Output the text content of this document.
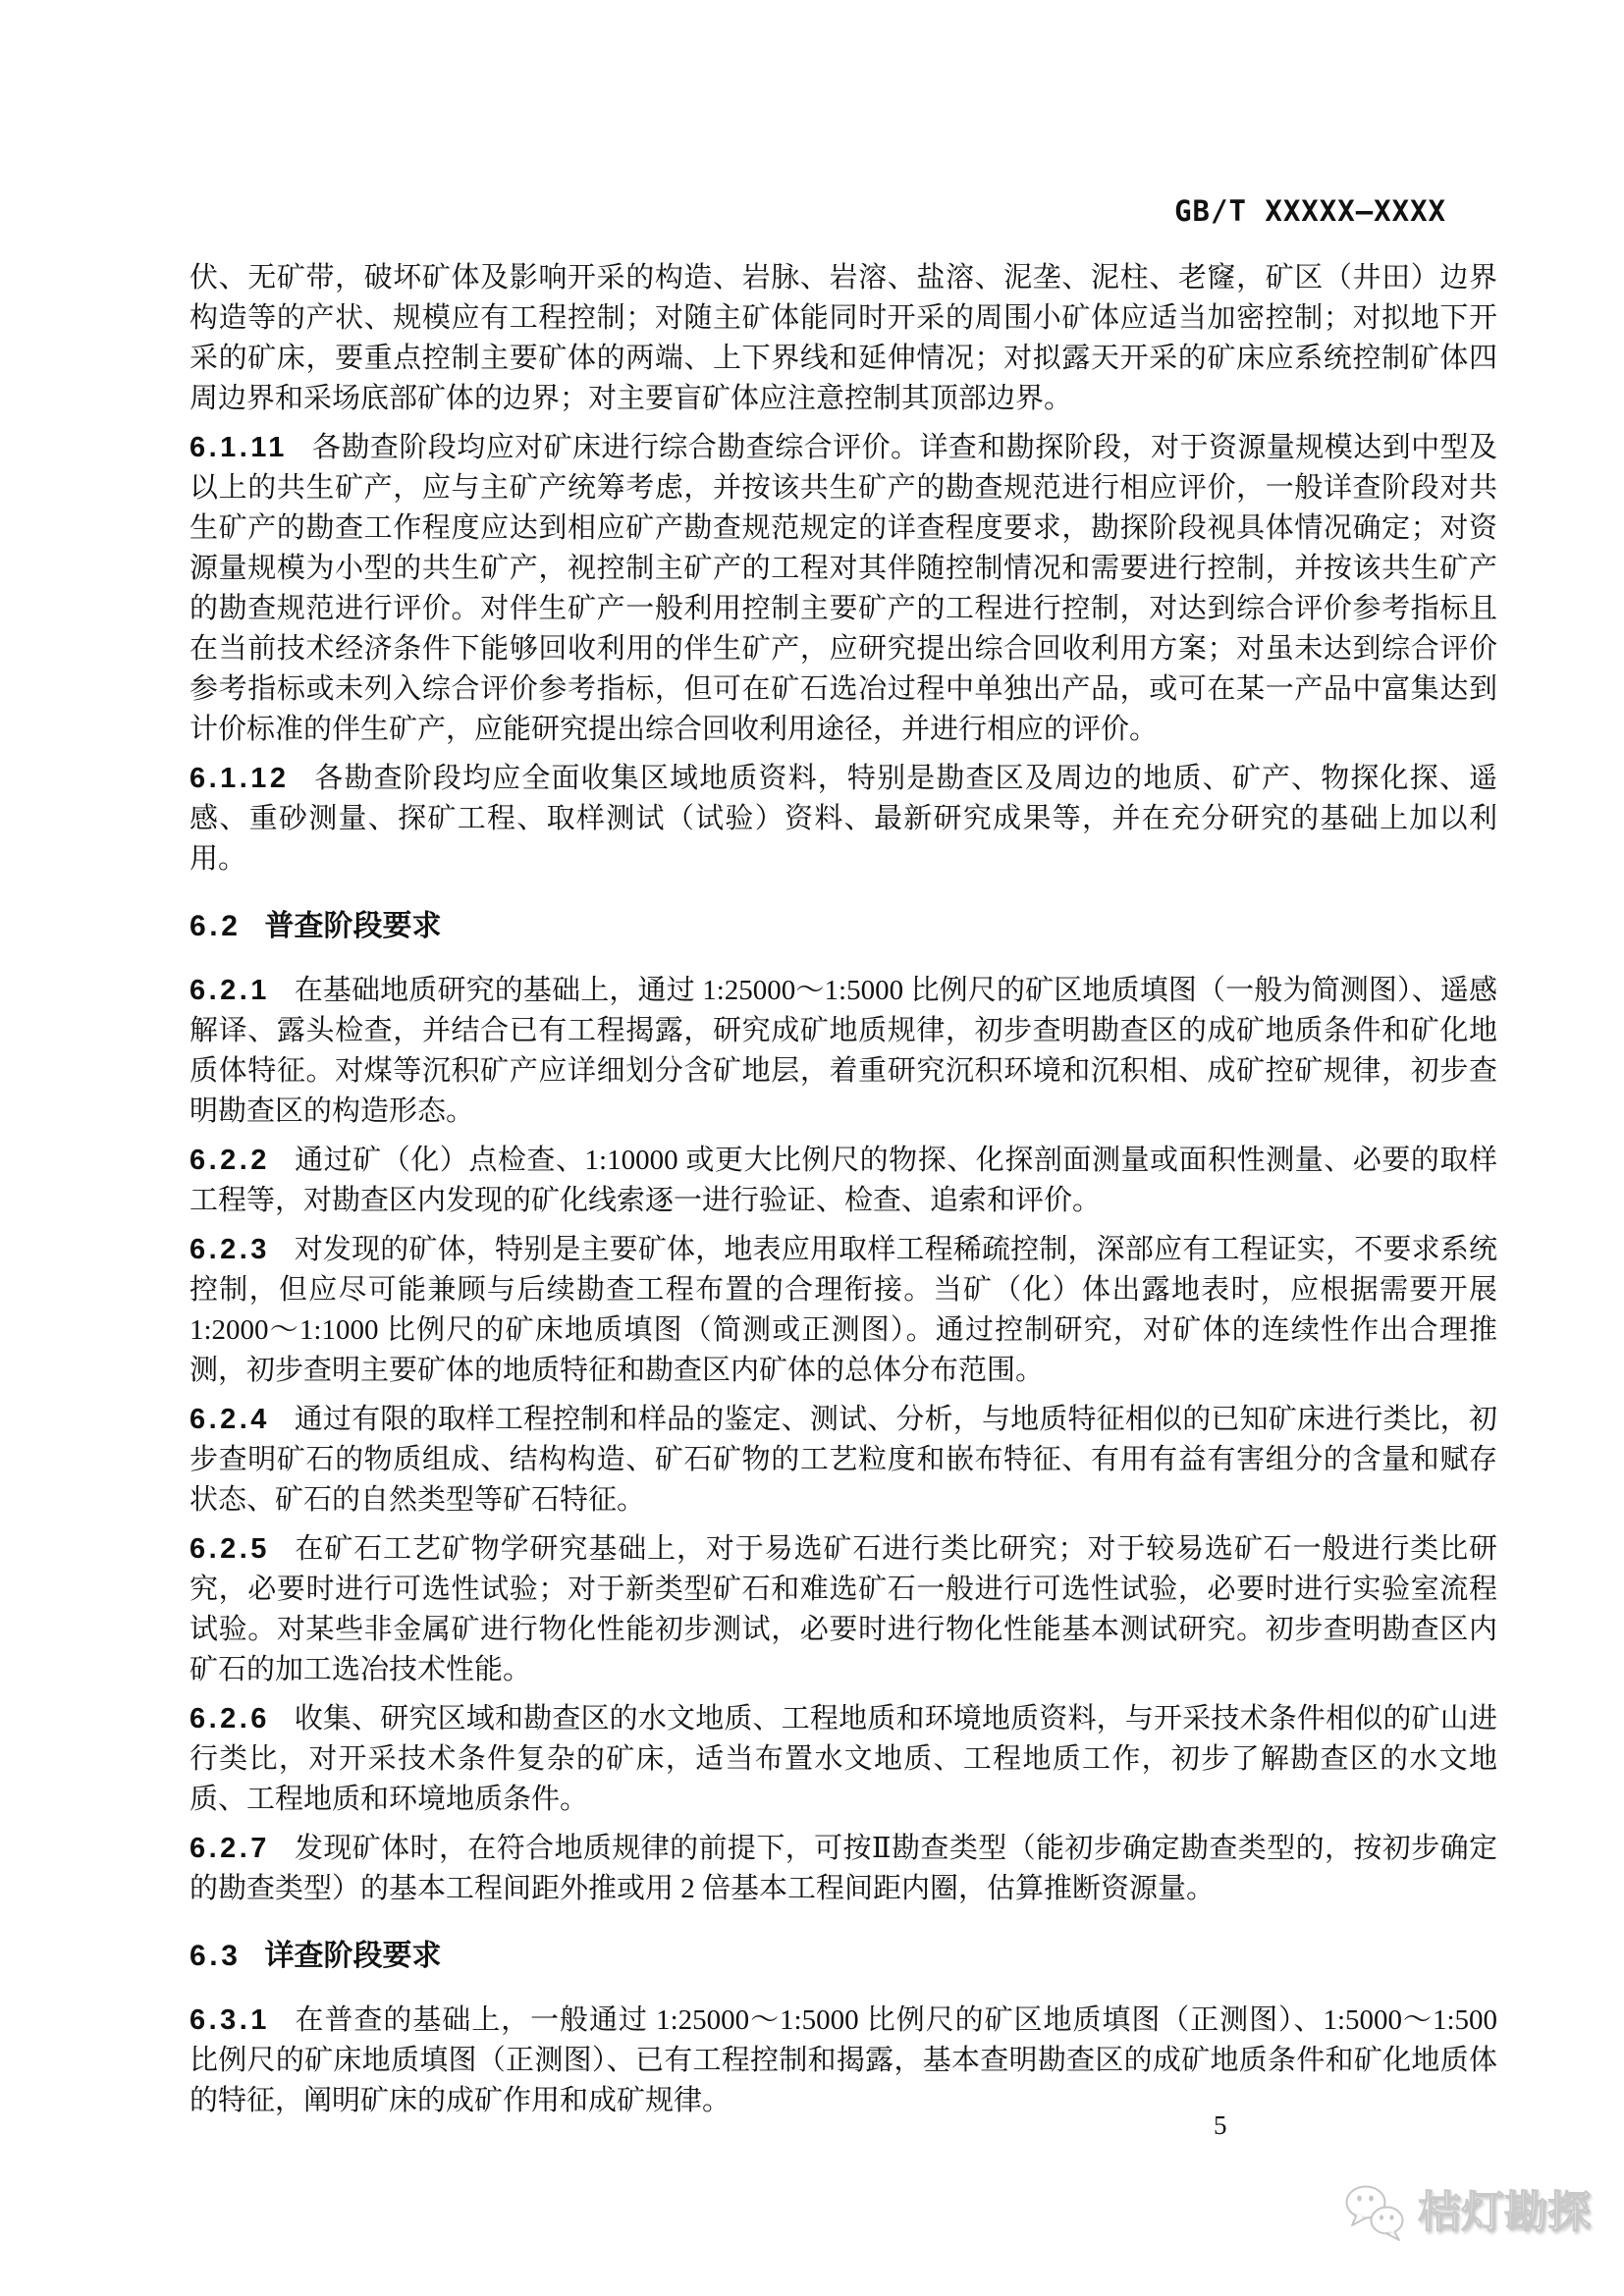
GB/T XXXXX—XXXX

伏、无矿带，破坏矿体及影响开采的构造、岩脉、岩溶、盐溶、泥垄、泥柱、老窿，矿区（井田）边界构造等的产状、规模应有工程控制；对随主矿体能同时开采的周围小矿体应适当加密控制；对拟地下开采的矿床，要重点控制主要矿体的两端、上下界线和延伸情况；对拟露天开采的矿床应系统控制矿体四周边界和采场底部矿体的边界；对主要盲矿体应注意控制其顶部边界。

6.1.11 各勘查阶段均应对矿床进行综合勘查综合评价。详查和勘探阶段，对于资源量规模达到中型及以上的共生矿产，应与主矿产统筹考虑，并按该共生矿产的勘查规范进行相应评价，一般详查阶段对共生矿产的勘查工作程度应达到相应矿产勘查规范规定的详查程度要求，勘探阶段视具体情况确定；对资源量规模为小型的共生矿产，视控制主矿产的工程对其伴随控制情况和需要进行控制，并按该共生矿产的勘查规范进行评价。对伴生矿产一般利用控制主要矿产的工程进行控制，对达到综合评价参考指标且在当前技术经济条件下能够回收利用的伴生矿产，应研究提出综合回收利用方案；对虽未达到综合评价参考指标或未列入综合评价参考指标，但可在矿石选冶过程中单独出产品，或可在某一产品中富集达到计价标准的伴生矿产，应能研究提出综合回收利用途径，并进行相应的评价。

6.1.12 各勘查阶段均应全面收集区域地质资料，特别是勘查区及周边的地质、矿产、物探化探、遥感、重砂测量、探矿工程、取样测试（试验）资料、最新研究成果等，并在充分研究的基础上加以利用。

6.2 普查阶段要求

6.2.1 在基础地质研究的基础上，通过 1:25000～1:5000 比例尺的矿区地质填图（一般为简测图）、遥感解译、露头检查，并结合已有工程揭露，研究成矿地质规律，初步查明勘查区的成矿地质条件和矿化地质体特征。对煤等沉积矿产应详细划分含矿地层，着重研究沉积环境和沉积相、成矿控矿规律，初步查明勘查区的构造形态。

6.2.2 通过矿（化）点检查、1:10000 或更大比例尺的物探、化探剖面测量或面积性测量、必要的取样工程等，对勘查区内发现的矿化线索逐一进行验证、检查、追索和评价。

6.2.3 对发现的矿体，特别是主要矿体，地表应用取样工程稀疏控制，深部应有工程证实，不要求系统控制，但应尽可能兼顾与后续勘查工程布置的合理衔接。当矿（化）体出露地表时，应根据需要开展 1:2000～1:1000 比例尺的矿床地质填图（简测或正测图）。通过控制研究，对矿体的连续性作出合理推测，初步查明主要矿体的地质特征和勘查区内矿体的总体分布范围。

6.2.4 通过有限的取样工程控制和样品的鉴定、测试、分析，与地质特征相似的已知矿床进行类比，初步查明矿石的物质组成、结构构造、矿石矿物的工艺粒度和嵌布特征、有用有益有害组分的含量和赋存状态、矿石的自然类型等矿石特征。

6.2.5 在矿石工艺矿物学研究基础上，对于易选矿石进行类比研究；对于较易选矿石一般进行类比研究，必要时进行可选性试验；对于新类型矿石和难选矿石一般进行可选性试验，必要时进行实验室流程试验。对某些非金属矿进行物化性能初步测试，必要时进行物化性能基本测试研究。初步查明勘查区内矿石的加工选冶技术性能。

6.2.6 收集、研究区域和勘查区的水文地质、工程地质和环境地质资料，与开采技术条件相似的矿山进行类比，对开采技术条件复杂的矿床，适当布置水文地质、工程地质工作，初步了解勘查区的水文地质、工程地质和环境地质条件。

6.2.7 发现矿体时，在符合地质规律的前提下，可按Ⅱ勘查类型（能初步确定勘查类型的，按初步确定的勘查类型）的基本工程间距外推或用 2 倍基本工程间距内圈，估算推断资源量。

6.3 详查阶段要求

6.3.1 在普查的基础上，一般通过 1:25000～1:5000 比例尺的矿区地质填图（正测图）、1:5000～1:500 比例尺的矿床地质填图（正测图）、已有工程控制和揭露，基本查明勘查区的成矿地质条件和矿化地质体的特征，阐明矿床的成矿作用和成矿规律。

5
桔灯勘探
